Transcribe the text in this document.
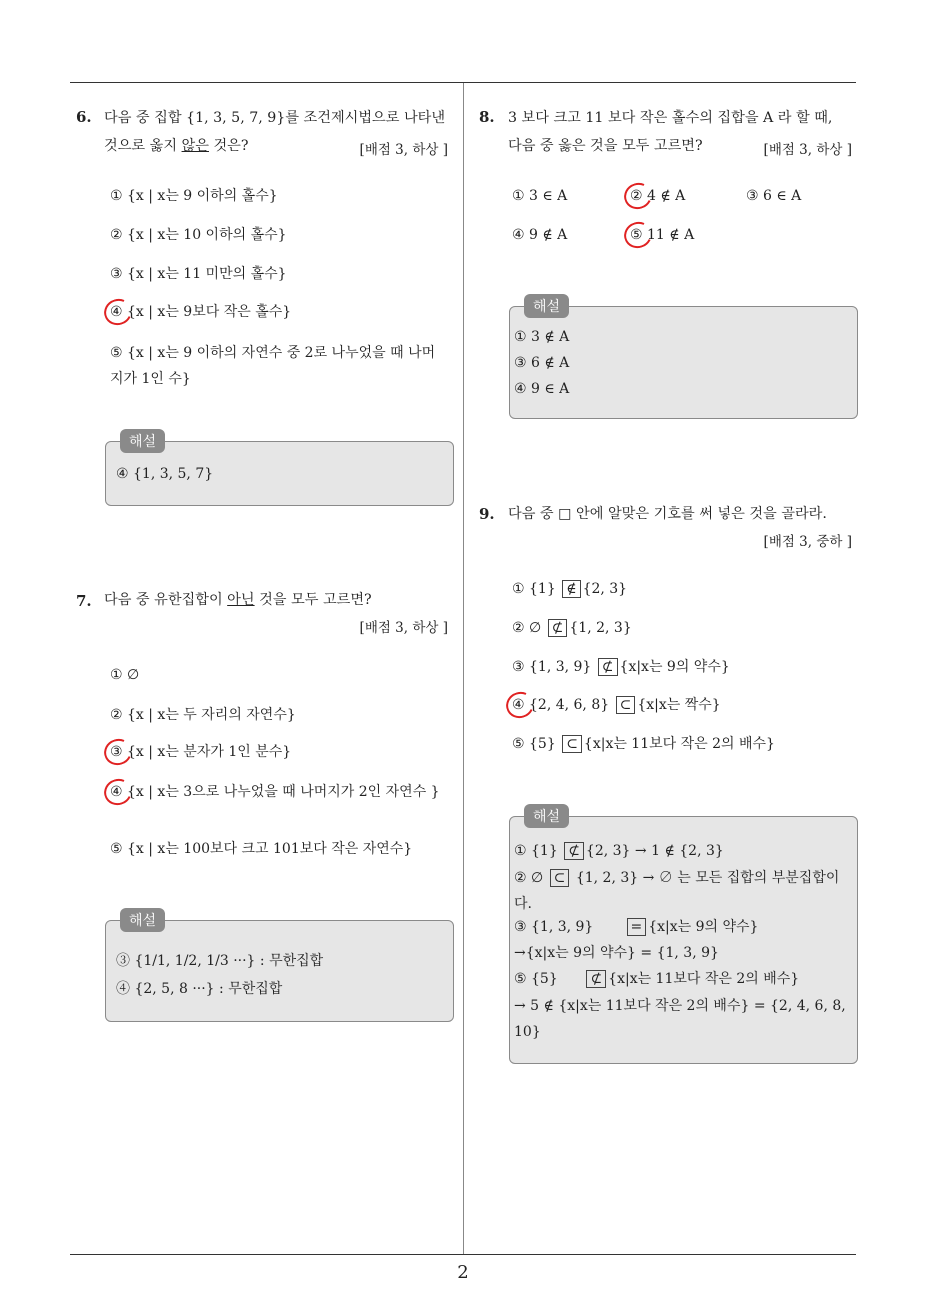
2
6. 다음 중 집합 {1, 3, 5, 7, 9}를 조건제시법으로 나타낸
것으로 옳지 않은 것은?	[배점 3, 하상 ]
① {x | x는 9 이하의 홀수}
② {x | x는 10 이하의 홀수}
③ {x | x는 11 미만의 홀수}
④ {x | x는 9보다 작은 홀수}
⑤ {x | x는 9 이하의 자연수 중 2로 나누었을 때 나머지가 1인 수}
해설
④ {1, 3, 5, 7}
7. 다음 중 유한집합이 아닌 것을 모두 고르면?
[배점 3, 하상 ]
① ∅
② {x | x는 두 자리의 자연수}
③ {x | x는 분자가 1인 분수}
④ {x | x는 3으로 나누었을 때 나머지가 2인 자연수 }
⑤ {x | x는 100보다 크고 101보다 작은 자연수}
해설
③ {1/1, 1/2, 1/3 ···} : 무한집합
④ {2, 5, 8 ···} : 무한집합
8. 3 보다 크고 11 보다 작은 홀수의 집합을 A 라 할 때,
다음 중 옳은 것을 모두 고르면?	[배점 3, 하상 ]
① 3 ∈ A	② 4 ∉ A	③ 6 ∈ A
④ 9 ∉ A	⑤ 11 ∉ A
해설
① 3 ∉ A
③ 6 ∉ A
④ 9 ∈ A
9. 다음 중 □ 안에 알맞은 기호를 써 넣은 것을 골라라.
[배점 3, 중하 ]
① {1} ∉ {2, 3}
② ∅ ⊄ {1, 2, 3}
③ {1, 3, 9} ⊄ {x|x는 9의 약수}
④ {2, 4, 6, 8} ⊂ {x|x는 짝수}
⑤ {5} ⊂ {x|x는 11보다 작은 2의 배수}
해설
① {1} ⊄ {2, 3} → 1 ∉ {2, 3}
② ∅ ⊂ {1, 2, 3} → ∅ 는 모든 집합의 부분집합이다.
③ {1, 3, 9}	= {x|x는 9의 약수}
→{x|x는 9의 약수} = {1, 3, 9}
⑤ {5} ⊄ {x|x는 11보다 작은 2의 배수}
→ 5 ∉ {x|x는 11보다 작은 2의 배수} = {2, 4, 6, 8, 10}
